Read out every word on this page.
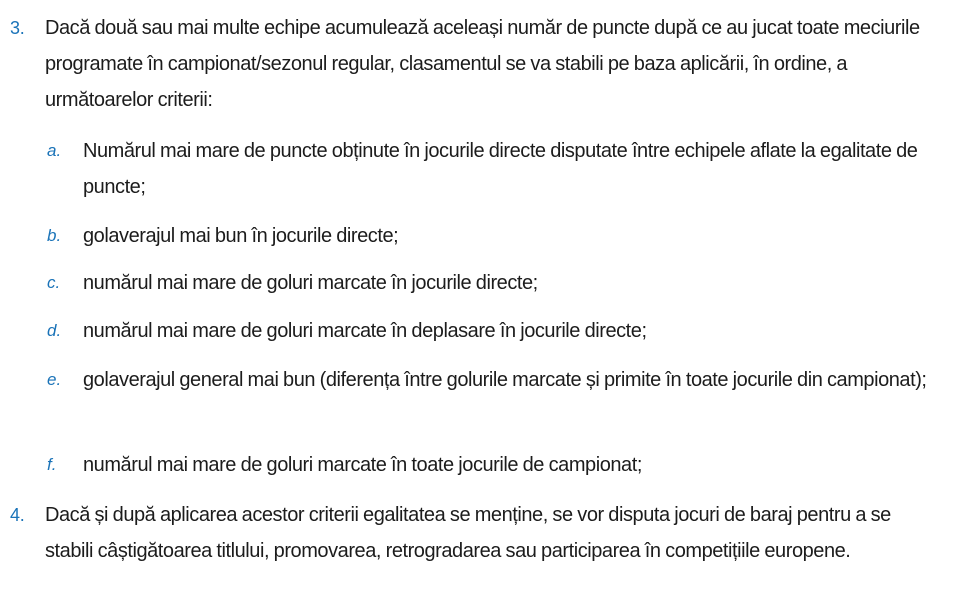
3. Dacă două sau mai multe echipe acumulează aceleași număr de puncte după ce au jucat toate meciurile programate în campionat/sezonul regular, clasamentul se va stabili pe baza aplicării, în ordine, a următoarelor criterii:
a. Numărul mai mare de puncte obținute în jocurile directe disputate între echipele aflate la egalitate de puncte;
b. golaverajul mai bun în jocurile directe;
c. numărul mai mare de goluri marcate în jocurile directe;
d. numărul mai mare de goluri marcate în deplasare în jocurile directe;
e. golaverajul general mai bun (diferența între golurile marcate și primite în toate jocurile din campionat);
f. numărul mai mare de goluri marcate în toate jocurile de campionat;
4. Dacă și după aplicarea acestor criterii egalitatea se menține, se vor disputa jocuri de baraj pentru a se stabili câștigătoarea titlului, promovarea, retrogradarea sau participarea în competițiile europene.
